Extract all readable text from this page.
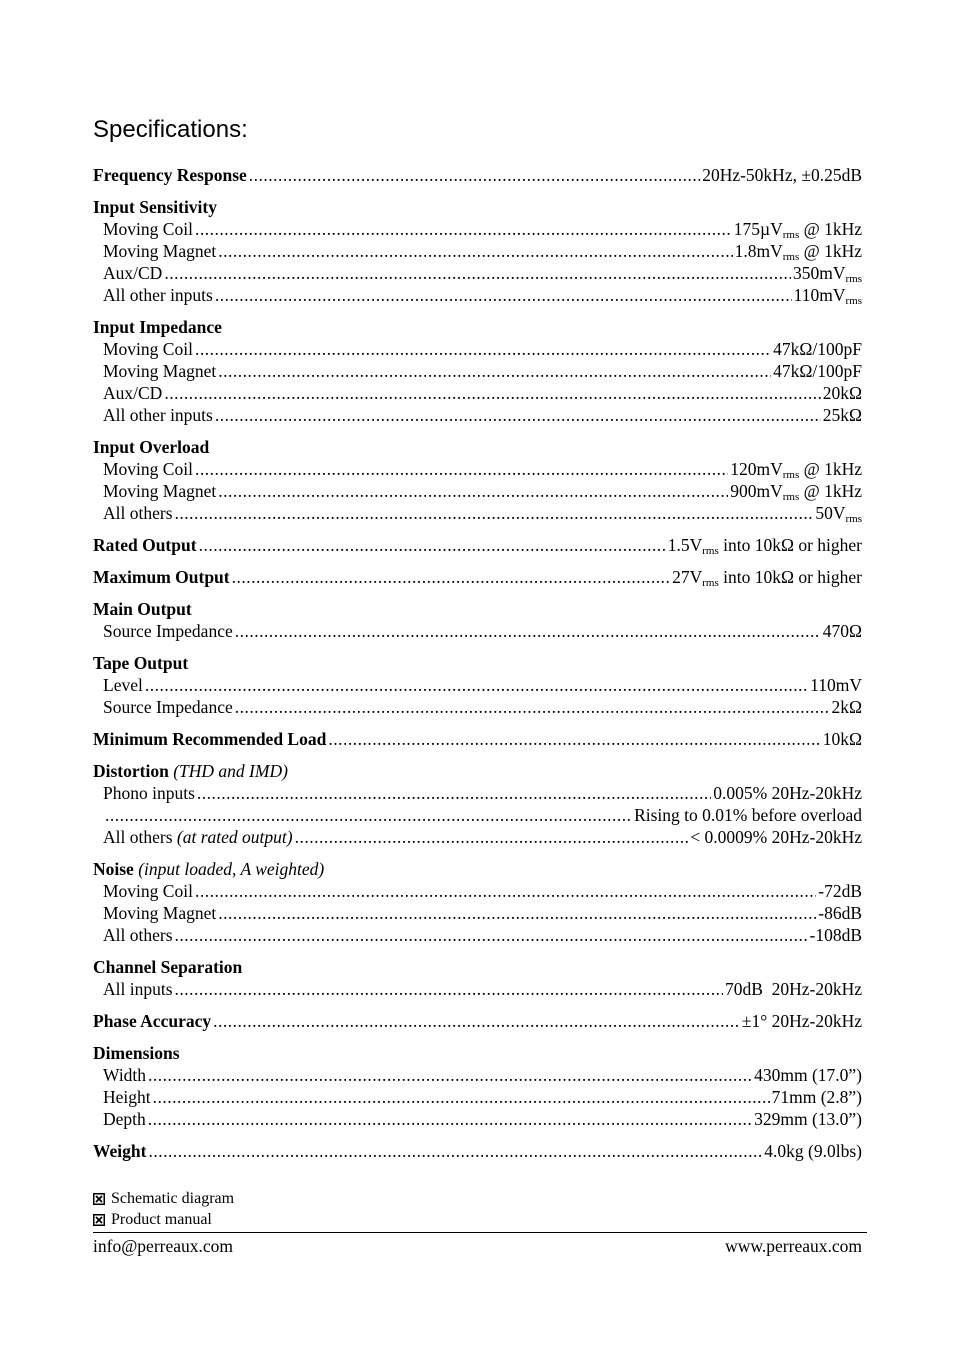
Specifications:
Frequency Response .....	20Hz-50kHz, ±0.25dB
Input Sensitivity
Moving Coil .....	175µV$_{rms}$ @ 1kHz
Moving Magnet .....	$1.8mV_{rms}$ @ 1kHz
Aux/CD .....	$350mV_{rms}$
All other inputs .....	$110mV_{rms}$
Input Impedance
Moving Coil .....	47kΩ/100pF
Moving Magnet .....	47kΩ/100pF
Aux/CD .....	20kΩ
All other inputs .....	25kΩ
Input Overload
Moving Coil .....	$120mV_{rms}$ @ 1kHz
Moving Magnet .....	$900mV_{rms}$ @ 1kHz
All others .....	$50V_{rms}$
Rated Output .....	$1.5V_{rms}$ into 10kΩ or higher
Maximum Output .....	$27V_{rms}$ into 10kΩ or higher
Main Output
Source Impedance .....	470Ω
Tape Output
Level .....	110mV
Source Impedance .....	2kΩ
Minimum Recommended Load .....	10kΩ
Distortion (THD and IMD)
Phono inputs .....	0.005% 20Hz-20kHz
.....
Rising to 0.01% before overload
All others (at rated output) .....	< 0.0009% 20Hz-20kHz
Noise (input loaded, A weighted)
Moving Coil .....	-72dB
Moving Magnet .....	-86dB
All others .....	-108dB
Channel Separation
All inputs .....	70dB  20Hz-20kHz
Phase Accuracy .....	±1° 20Hz-20kHz
Dimensions
Width .....	430mm (17.0”)
Height .....	71mm (2.8”)
Depth .....	329mm (13.0”)
Weight .....	4.0kg (9.0lbs)
Schematic diagram
Product manual
info@perreaux.com	www.perreaux.com
